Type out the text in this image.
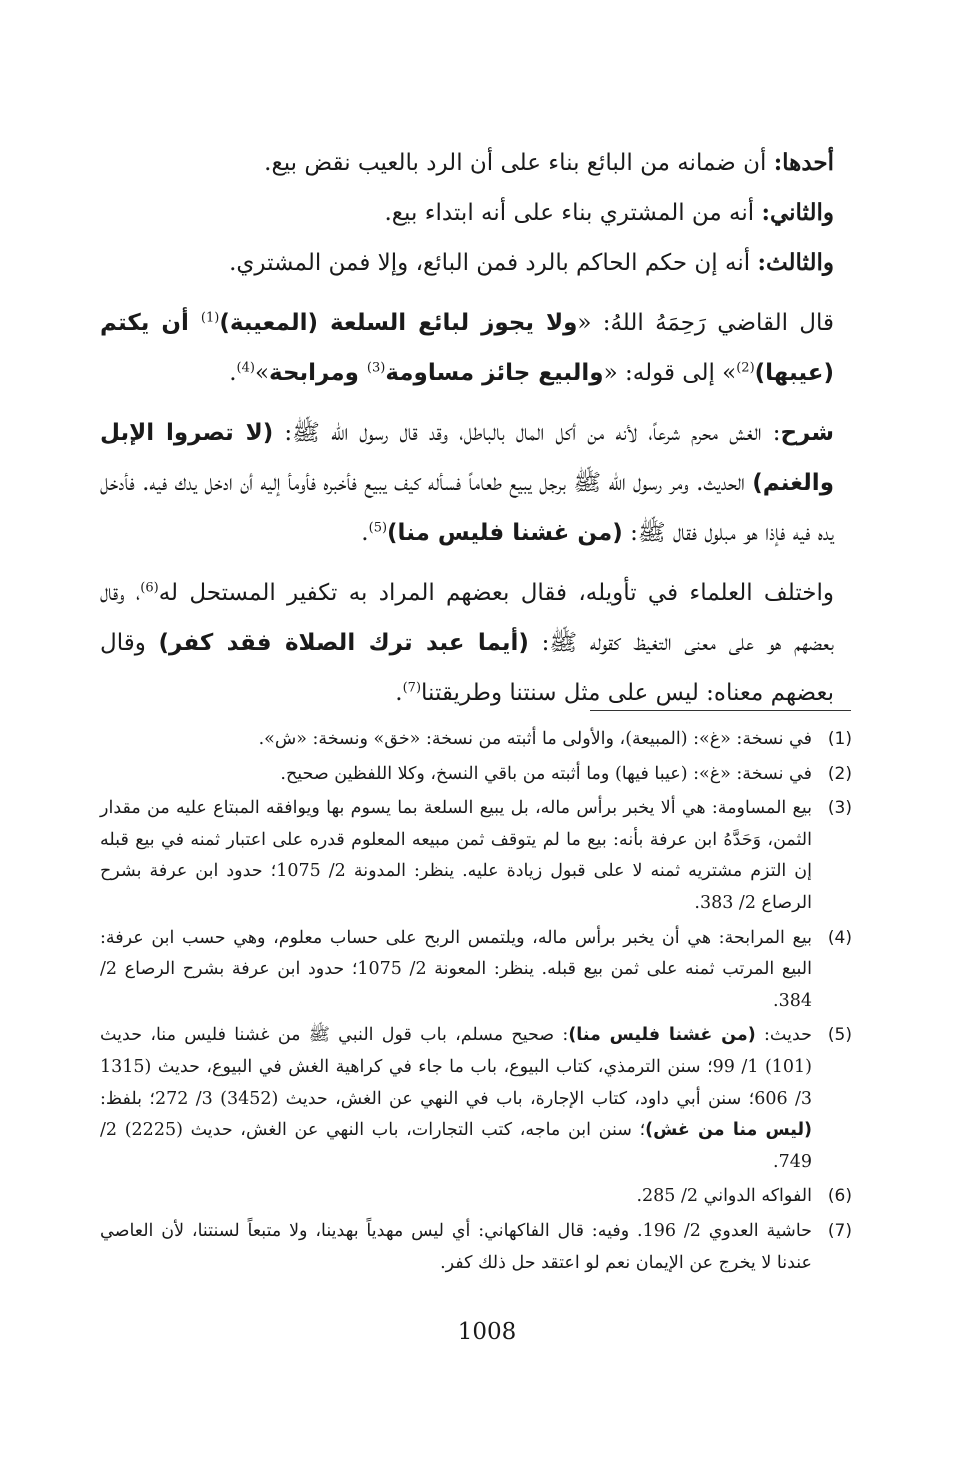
أحدها: أن ضمانه من البائع بناء على أن الرد بالعيب نقض بيع.

والثاني: أنه من المشتري بناء على أنه ابتداء بيع.

والثالث: أنه إن حكم الحاكم بالرد فمن البائع، وإلا فمن المشتري.

قال القاضي رَحِمَهُ اللهُ: «ولا يجوز لبائع السلعة (المعيبة)$^{(1)}$ أن يكتم (عيبها)$^{(2)}$» إلى قوله: «والبيع جائز مساومة$^{(3)}$ ومرابحة»$^{(4)}$.

شرح: الغش محرم شرعاً، لأنه من أكل المال بالباطل، وقد قال رسول الله ﷺ: (لا تصروا الإبل والغنم) الحديث. ومر رسول الله ﷺ برجل يبيع طعاماً فسأله كيف يبيع فأخبره فأومأ إليه أن ادخل يدك فيه. فأدخل يده فيه فإذا هو مبلول فقال ﷺ: (من غشنا فليس منا)$^{(5)}$.

واختلف العلماء في تأويله، فقال بعضهم المراد به تكفير المستحل له$^{(6)}$، وقال بعضهم هو على معنى التغيظ كقوله ﷺ: (أيما عبد ترك الصلاة فقد كفر) وقال بعضهم معناه: ليس على مثل سنتنا وطريقتنا$^{(7)}$.

(1)
في نسخة: «غ»: (المبيعة)، والأولى ما أثبته من نسخة: «خق» ونسخة: «ش».
(2)
في نسخة: «غ»: (عيبا فيها) وما أثبته من باقي النسخ، وكلا اللفظين صحيح.
(3)
بيع المساومة: هي ألا يخبر برأس ماله، بل يبيع السلعة بما يسوم بها ويوافقه المبتاع عليه من مقدار الثمن، وَحَدَّهُ ابن عرفة بأنه: بيع ما لم يتوقف ثمن مبيعه المعلوم قدره على اعتبار ثمنه في بيع قبله إن التزم مشتريه ثمنه لا على قبول زيادة عليه. ينظر: المدونة 2/ 1075؛ حدود ابن عرفة بشرح الرصاع 2/ 383.
(4)
بيع المرابحة: هي أن يخبر برأس ماله، ويلتمس الربح على حساب معلوم، وهي حسب ابن عرفة: البيع المرتب ثمنه على ثمن بيع قبله. ينظر: المعونة 2/ 1075؛ حدود ابن عرفة بشرح الرصاع 2/ 384.
(5)
حديث: (من غشنا فليس منا): صحيح مسلم، باب قول النبي ﷺ من غشنا فليس منا، حديث (101) 1/ 99؛ سنن الترمذي، كتاب البيوع، باب ما جاء في كراهية الغش في البيوع، حديث (1315 3/ 606؛ سنن أبي داود، كتاب الإجارة، باب في النهي عن الغش، حديث (3452) 3/ 272؛ بلفظ: (ليس منا من غش)؛ سنن ابن ماجه، كتب التجارات، باب النهي عن الغش، حديث (2225) 2/ 749.
(6)
الفواكه الدواني 2/ 285.
(7)
حاشية العدوي 2/ 196. وفيه: قال الفاكهاني: أي ليس مهدياً بهدينا، ولا متبعاً لسنتنا، لأن العاصي عندنا لا يخرج عن الإيمان نعم لو اعتقد حل ذلك كفر.
1008
